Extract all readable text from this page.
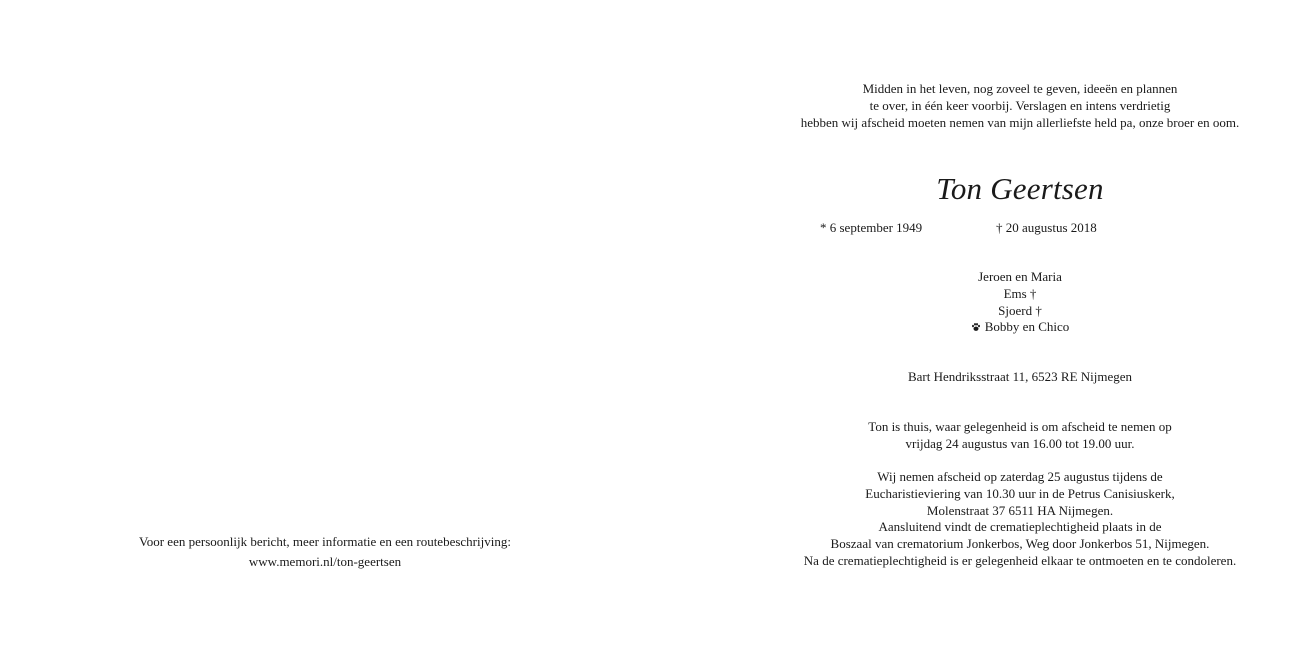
Voor een persoonlijk bericht, meer informatie en een routebeschrijving:
www.memori.nl/ton-geertsen
Midden in het leven, nog zoveel te geven, ideeën en plannen
te over, in één keer voorbij. Verslagen en intens verdrietig
hebben wij afscheid moeten nemen van mijn allerliefste held pa, onze broer en oom.
Ton Geertsen
* 6 september 1949	† 20 augustus 2018
Jeroen en Maria
Ems †
Sjoerd †
Bobby en Chico
Bart Hendriksstraat 11, 6523 RE Nijmegen
Ton is thuis, waar gelegenheid is om afscheid te nemen op
vrijdag 24 augustus van 16.00 tot 19.00 uur.
Wij nemen afscheid op zaterdag 25 augustus tijdens de
Eucharistieviering van 10.30 uur in de Petrus Canisiuskerk,
Molenstraat 37 6511 HA Nijmegen.
Aansluitend vindt de crematieplechtigheid plaats in de
Boszaal van crematorium Jonkerbos, Weg door Jonkerbos 51, Nijmegen.
Na de crematieplechtigheid is er gelegenheid elkaar te ontmoeten en te condoleren.
